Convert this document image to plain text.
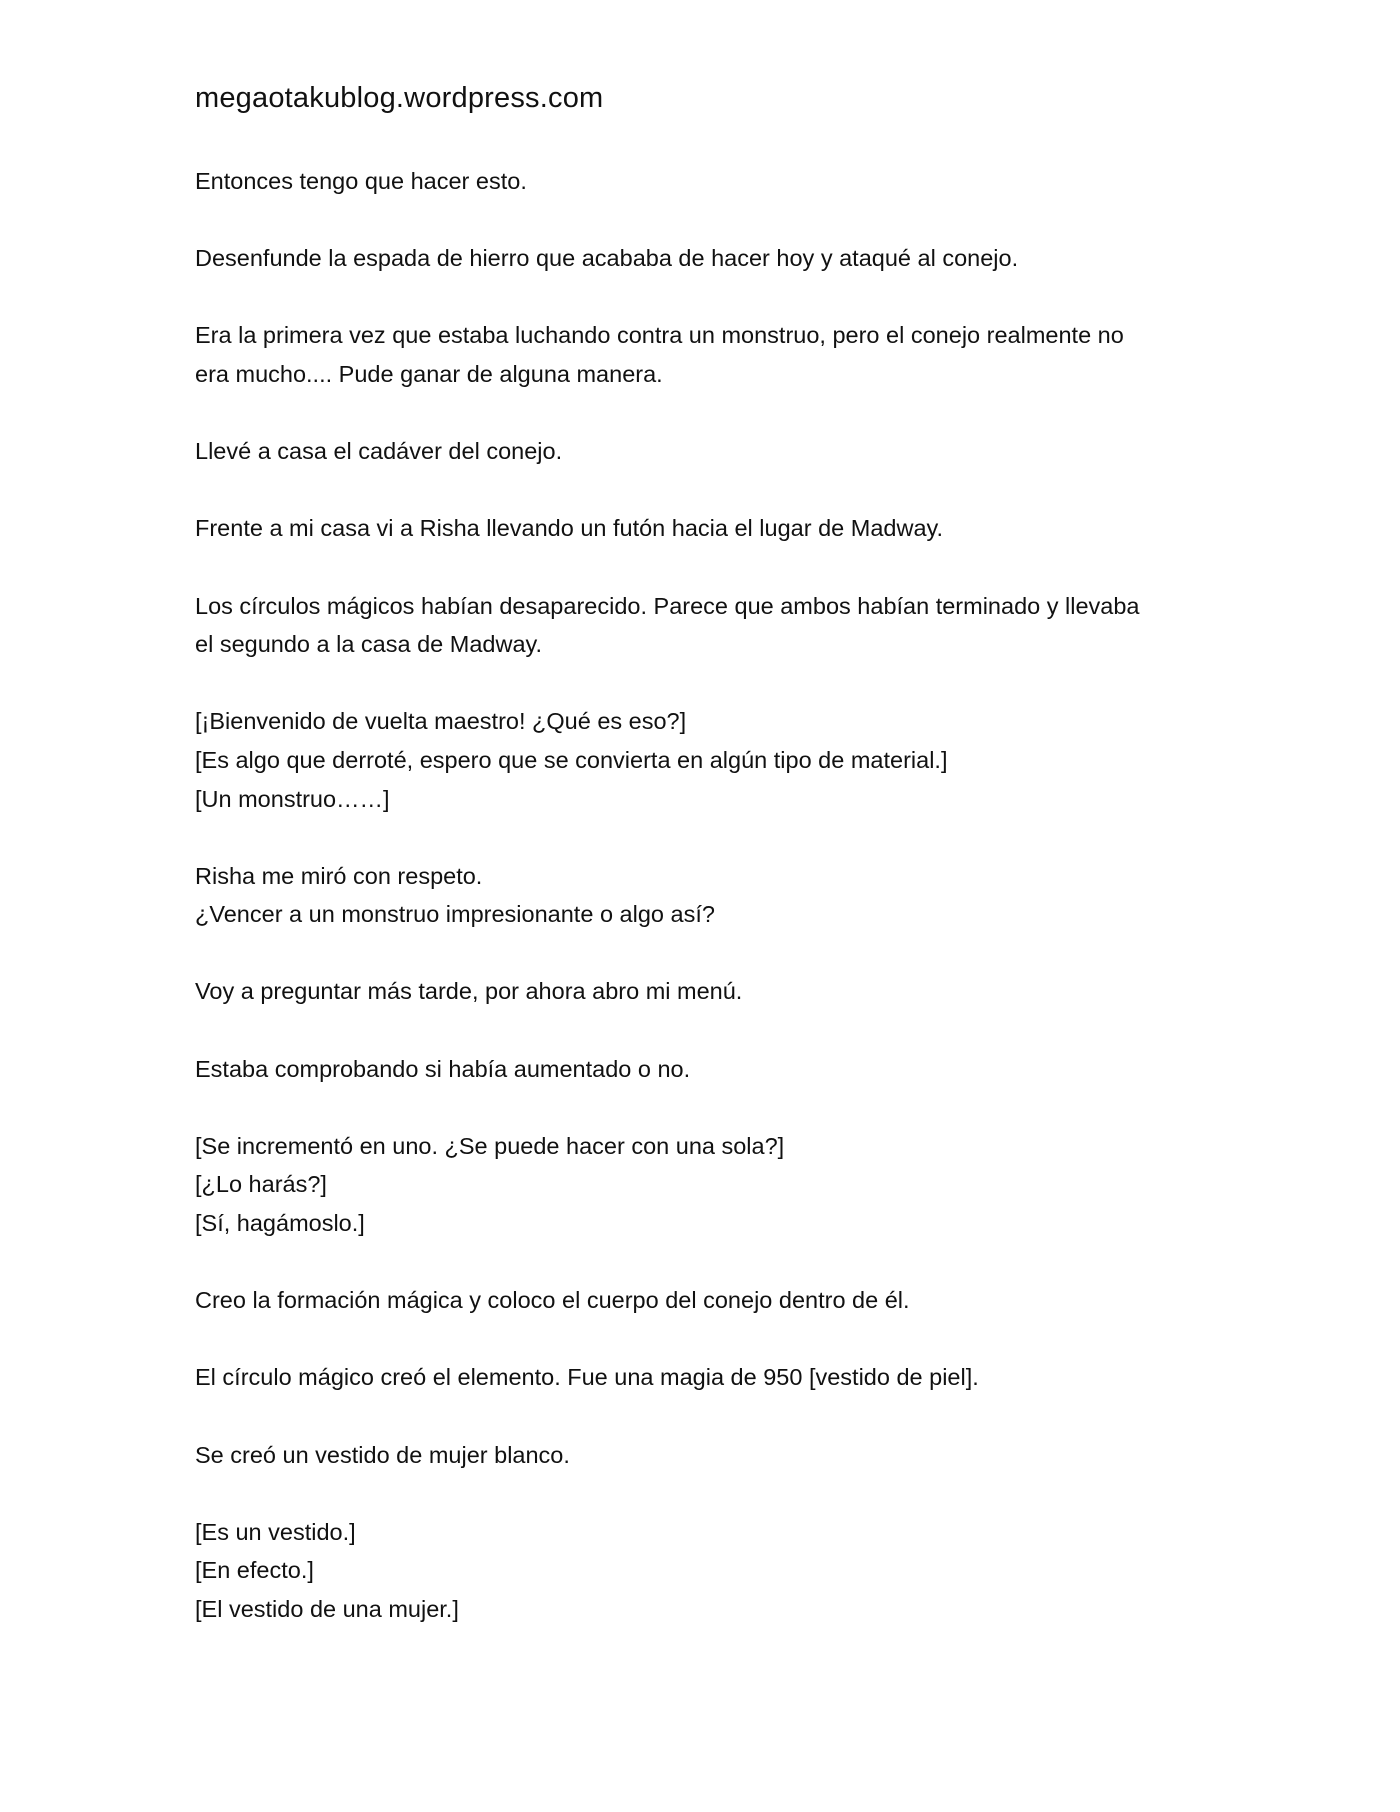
megaotakublog.wordpress.com
Entonces tengo que hacer esto.
Desenfunde la espada de hierro que acababa de hacer hoy y ataqué al conejo.
Era la primera vez que estaba luchando contra un monstruo, pero el conejo realmente no
era mucho.... Pude ganar de alguna manera.
Llevé a casa el cadáver del conejo.
Frente a mi casa vi a Risha llevando un futón hacia el lugar de Madway.
Los círculos mágicos habían desaparecido. Parece que ambos habían terminado y llevaba
el segundo a la casa de Madway.
[¡Bienvenido de vuelta maestro! ¿Qué es eso?]
[Es algo que derroté, espero que se convierta en algún tipo de material.]
[Un monstruo……]
Risha me miró con respeto.
¿Vencer a un monstruo impresionante o algo así?
Voy a preguntar más tarde, por ahora abro mi menú.
Estaba comprobando si había aumentado o no.
[Se incrementó en uno. ¿Se puede hacer con una sola?]
[¿Lo harás?]
[Sí, hagámoslo.]
Creo la formación mágica y coloco el cuerpo del conejo dentro de él.
El círculo mágico creó el elemento. Fue una magia de 950 [vestido de piel].
Se creó un vestido de mujer blanco.
[Es un vestido.]
[En efecto.]
[El vestido de una mujer.]
